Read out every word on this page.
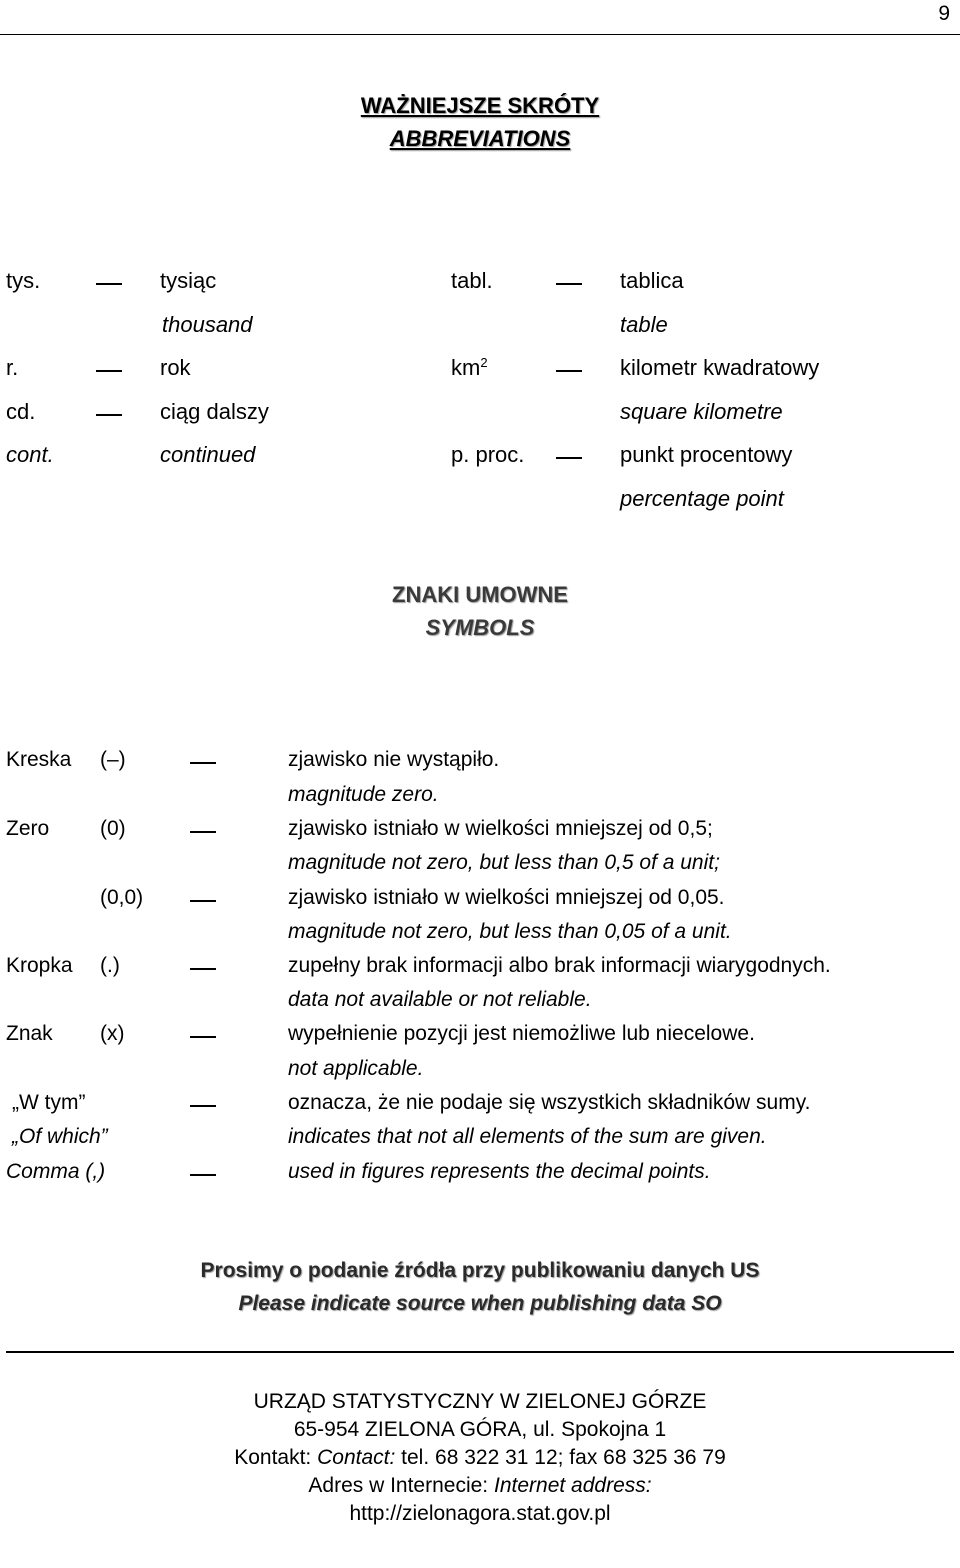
9
WAŻNIEJSZE SKRÓTY
ABBREVIATIONS
tys.	tysiąc
thousand
r.	rok
cd.	ciąg dalszy
cont.	continued
tabl.	tablica
table
$km^2$	kilometr kwadratowy
square kilometre
p. proc.	punkt procentowy
percentage point
ZNAKI UMOWNE
SYMBOLS
Kreska (–)	zjawisko nie wystąpiło.
magnitude zero.
Zero (0)	zjawisko istniało w wielkości mniejszej od 0,5;
magnitude not zero, but less than 0,5 of a unit;
(0,0)	zjawisko istniało w wielkości mniejszej od 0,05.
magnitude not zero, but less than 0,05 of a unit.
Kropka (.)	zupełny brak informacji albo brak informacji wiarygodnych.
data not available or not reliable.
Znak (x)	wypełnienie pozycji jest niemożliwe lub niecelowe.
not applicable.
„W tym”	oznacza, że nie podaje się wszystkich składników sumy.
„Of which”	indicates that not all elements of the sum are given.
Comma (,)	used in figures represents the decimal points.
Prosimy o podanie źródła przy publikowaniu danych US
Please indicate source when publishing data SO
URZĄD STATYSTYCZNY W ZIELONEJ GÓRZE
65-954 ZIELONA GÓRA, ul. Spokojna 1
Kontakt: Contact: tel. 68 322 31 12; fax 68 325 36 79
Adres w Internecie: Internet address:
http://zielonagora.stat.gov.pl
